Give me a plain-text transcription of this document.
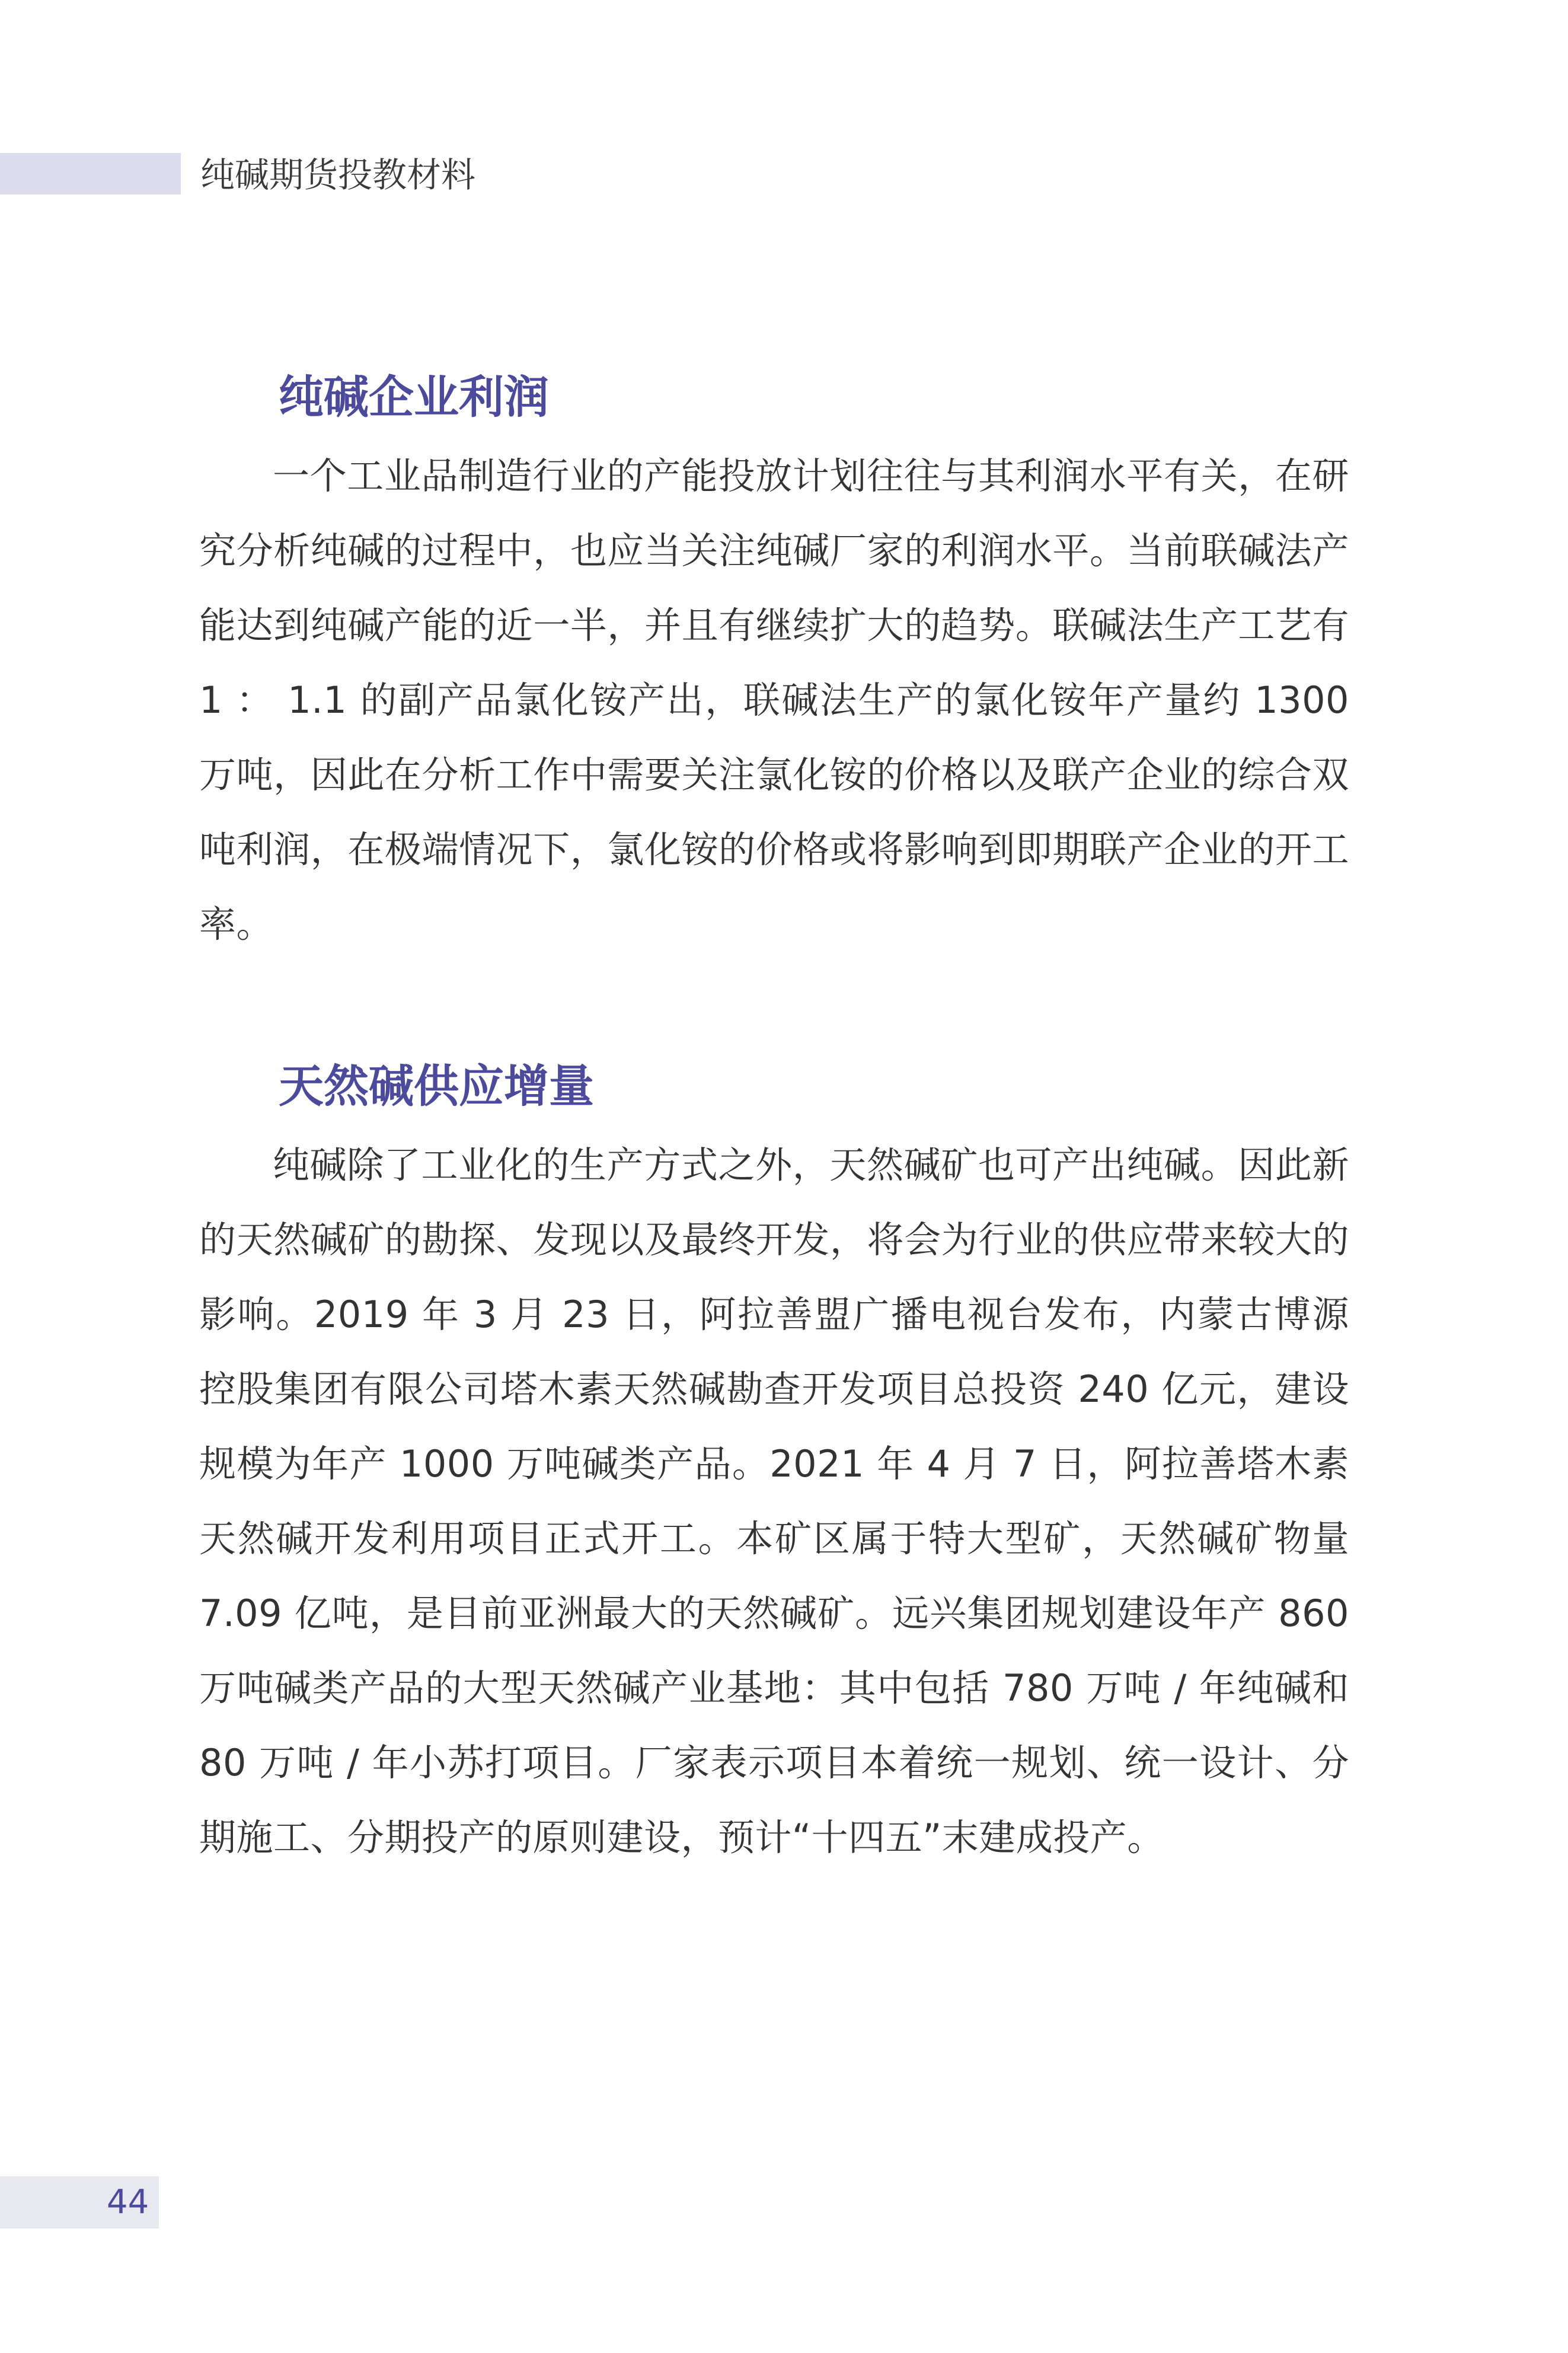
纯碱期货投教材料
纯碱企业利润

一个工业品制造行业的产能投放计划往往与其利润水平有关，在研究分析纯碱的过程中，也应当关注纯碱厂家的利润水平。当前联碱法产能达到纯碱产能的近一半，并且有继续扩大的趋势。联碱法生产工艺有 1 ： 1.1 的副产品氯化铵产出，联碱法生产的氯化铵年产量约 1300 万吨，因此在分析工作中需要关注氯化铵的价格以及联产企业的综合双吨利润，在极端情况下，氯化铵的价格或将影响到即期联产企业的开工率。

天然碱供应增量

纯碱除了工业化的生产方式之外，天然碱矿也可产出纯碱。因此新的天然碱矿的勘探、发现以及最终开发，将会为行业的供应带来较大的影响。2019 年 3 月 23 日，阿拉善盟广播电视台发布，内蒙古博源控股集团有限公司塔木素天然碱勘查开发项目总投资 240 亿元，建设规模为年产 1000 万吨碱类产品。2021 年 4 月 7 日，阿拉善塔木素天然碱开发利用项目正式开工。本矿区属于特大型矿，天然碱矿物量 7.09 亿吨，是目前亚洲最大的天然碱矿。远兴集团规划建设年产 860 万吨碱类产品的大型天然碱产业基地：其中包括 780 万吨 / 年纯碱和 80 万吨 / 年小苏打项目。厂家表示项目本着统一规划、统一设计、分期施工、分期投产的原则建设，预计“十四五”末建成投产。

44
